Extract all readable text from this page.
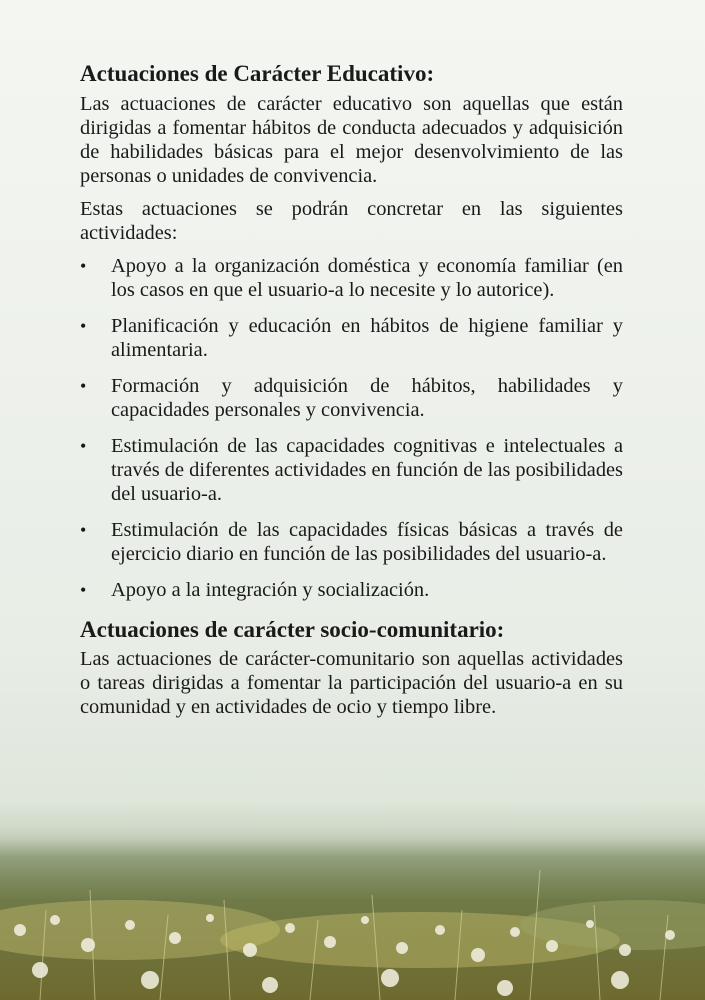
Actuaciones de Carácter Educativo:

Las actuaciones de carácter educativo son aquellas que están dirigidas a fomentar hábitos de conducta adecuados y adquisición de habilidades básicas para el mejor desenvolvimiento de las personas o unidades de convivencia.

Estas actuaciones se podrán concretar en las siguientes actividades:

• Apoyo a la organización doméstica y economía familiar (en los casos en que el usuario-a lo necesite y lo autorice).
• Planificación y educación en hábitos de higiene familiar y alimentaria.
• Formación y adquisición de hábitos, habilidades y capacidades personales y convivencia.
• Estimulación de las capacidades cognitivas e intelectuales a través de diferentes actividades en función de las posibilidades del usuario-a.
• Estimulación de las capacidades físicas básicas a través de ejercicio diario en función de las posibilidades del usuario-a.
• Apoyo a la integración y socialización.
Actuaciones de carácter socio-comunitario:

Las actuaciones de carácter-comunitario son aquellas actividades o tareas dirigidas a fomentar la participación del usuario-a en su comunidad y en actividades de ocio y tiempo libre.
